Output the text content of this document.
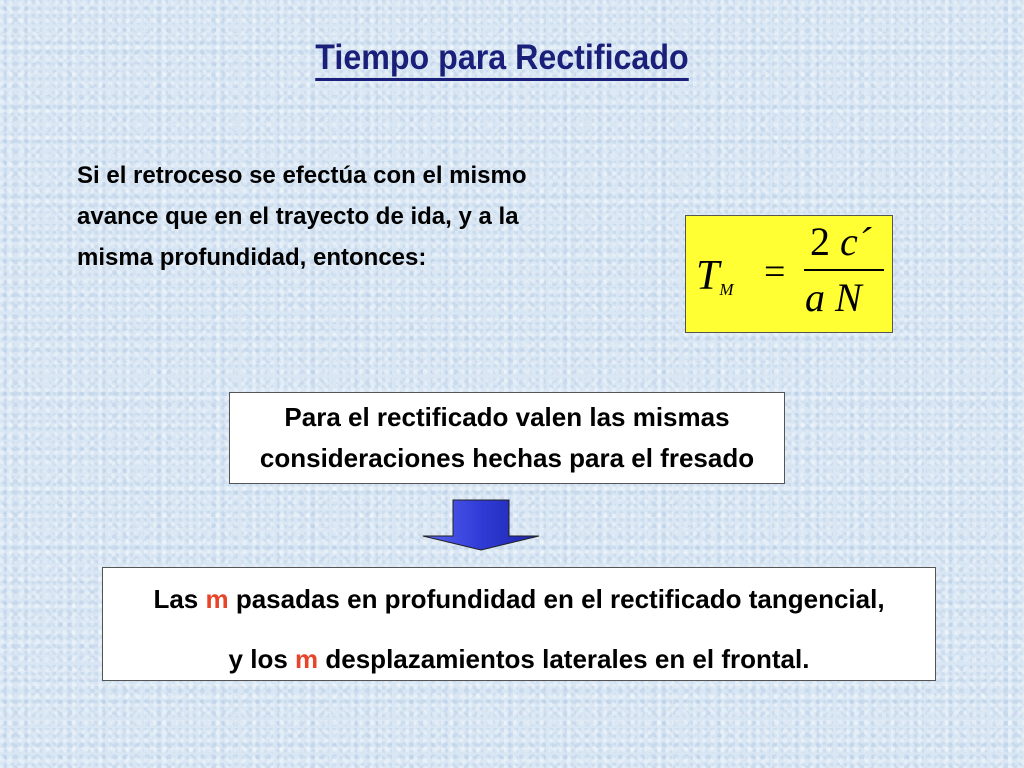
Tiempo para Rectificado
Si el retroceso se efectúa con el mismo
avance que en el trayecto de ida, y a la
misma profundidad, entonces:	$T_M$ =
2 c´
a N
Para el rectificado valen las mismas
consideraciones hechas para el fresado
Las m pasadas en profundidad en el rectificado tangencial,
y los m desplazamientos laterales en el frontal.
